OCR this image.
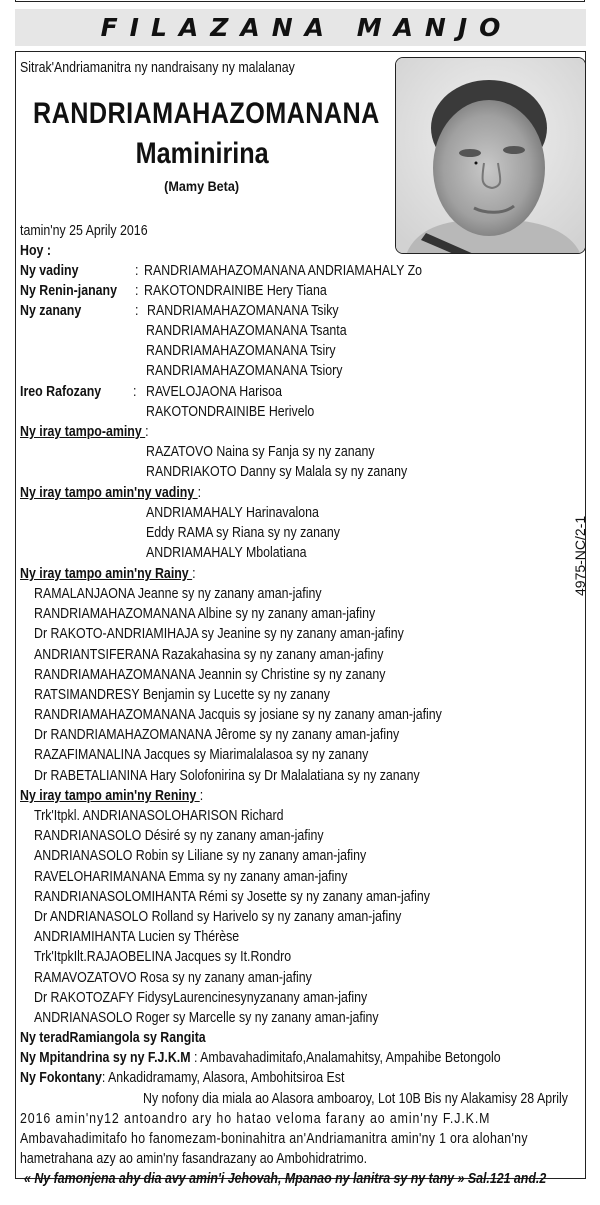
FILAZANA MANJO
Sitrak'Andriamanitra ny nandraisany ny malalanay
RANDRIAMAHAZOMANANA
Maminirina
(Mamy Beta)
tamin'ny 25 Aprily 2016
Hoy :
Ny vadiny	: RANDRIAMAHAZOMANANA ANDRIAMAHALY Zo
Ny Renin-janany : RAKOTONDRAINIBE Hery Tiana
Ny zanany	: RANDRIAMAHAZOMANANA Tsiky
RANDRIAMAHAZOMANANA Tsanta
RANDRIAMAHAZOMANANA Tsiry
RANDRIAMAHAZOMANANA Tsiory
Ireo Rafozany : RAVELOJAONA Harisoa
RAKOTONDRAINIBE Herivelo
Ny iray tampo-aminy :
RAZATOVO Naina sy Fanja sy ny zanany
RANDRIAKOTO Danny sy Malala sy ny zanany
Ny iray tampo amin'ny vadiny :
ANDRIAMAHALY Harinavalona
Eddy RAMA sy Riana sy ny zanany
ANDRIAMAHALY Mbolatiana
Ny iray tampo amin'ny Rainy :
RAMALANJAONA Jeanne sy ny zanany aman-jafiny
RANDRIAMAHAZOMANANA Albine sy ny zanany aman-jafiny
Dr RAKOTO-ANDRIAMIHAJA sy Jeanine sy ny zanany aman-jafiny
ANDRIANTSIFERANA Razakahasina sy ny zanany aman-jafiny
RANDRIAMAHAZOMANANA Jeannin sy Christine sy ny zanany
RATSIMANDRESY Benjamin sy Lucette sy ny zanany
RANDRIAMAHAZOMANANA Jacquis sy josiane sy ny zanany aman-jafiny
Dr RANDRIAMAHAZOMANANA Jêrome sy ny zanany aman-jafiny
RAZAFIMANALINA Jacques sy Miarimalalasoa sy ny zanany
Dr RABETALIANINA Hary Solofonirina sy Dr Malalatiana sy ny zanany
Ny iray tampo amin'ny Reniny :
Trk'Itpkl. ANDRIANASOLOHARISON Richard
RANDRIANASOLO Désiré sy ny zanany aman-jafiny
ANDRIANASOLO Robin sy Liliane sy ny zanany aman-jafiny
RAVELOHARIMANANA Emma sy ny zanany aman-jafiny
RANDRIANASOLOMIHANTA Rémi sy Josette sy ny zanany aman-jafiny
Dr ANDRIANASOLO Rolland sy Harivelo sy ny zanany aman-jafiny
ANDRIAMIHANTA Lucien sy Thérèse
Trk'ItpkIlt.RAJAOBELINA Jacques sy It.Rondro
RAMAVOZATOVO Rosa sy ny zanany aman-jafiny
Dr RAKOTOZAFY FidysyLaurencinesynyzanany aman-jafiny
ANDRIANASOLO Roger sy Marcelle sy ny zanany aman-jafiny
Ny teradRamiangola sy Rangita
Ny Mpitandrina sy ny F.J.K.M : Ambavahadimitafo,Analamahitsy, Ampahibe Betongolo
Ny Fokontany: Ankadidramamy, Alasora, Ambohitsiroa Est
Ny nofony dia miala ao Alasora amboaroy, Lot 10B Bis ny Alakamisy 28 Aprily
2016 amin'ny12 antoandro ary ho hatao veloma farany ao amin'ny F.J.K.M
Ambavahadimitafo ho fanomezam-boninahitra an'Andriamanitra amin'ny 1 ora alohan'ny
hametrahana azy ao amin'ny fasandrazany ao Ambohidratrimo.
« Ny famonjena ahy dia avy amin'i Jehovah, Mpanao ny lanitra sy ny tany » Sal.121 and.2
4975-NC/2-1
